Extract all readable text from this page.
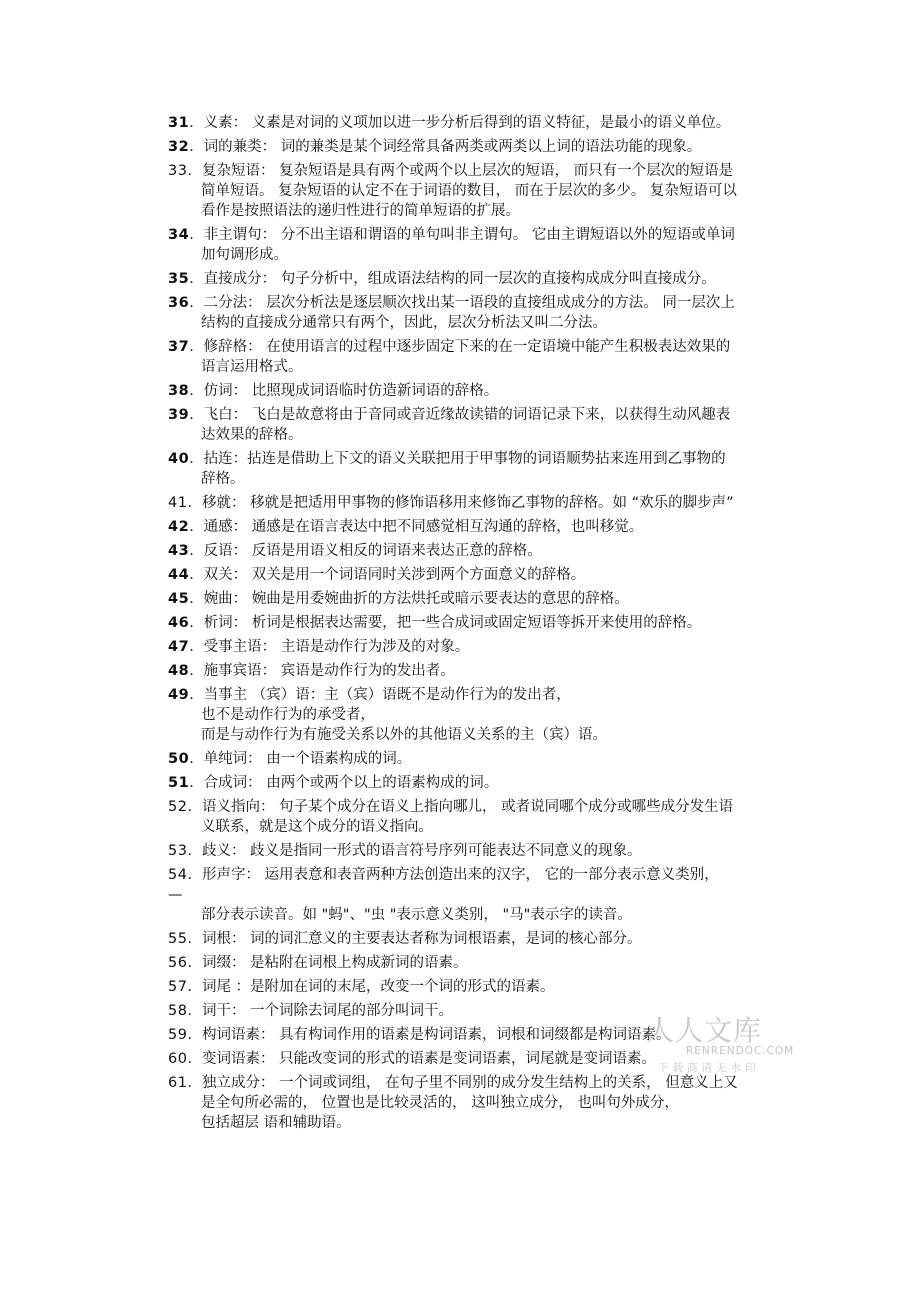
31．义素： 义素是对词的义项加以进一步分析后得到的语义特征，是最小的语义单位。
32．词的兼类： 词的兼类是某个词经常具备两类或两类以上词的语法功能的现象。
33．复杂短语： 复杂短语是具有两个或两个以上层次的短语， 而只有一个层次的短语是
简单短语。 复杂短语的认定不在于词语的数目， 而在于层次的多少。 复杂短语可以
看作是按照语法的递归性进行的简单短语的扩展。
34．非主谓句： 分不出主语和谓语的单句叫非主谓句。 它由主谓短语以外的短语或单词
加句调形成。
35．直接成分： 句子分析中，组成语法结构的同一层次的直接构成成分叫直接成分。
36．二分法： 层次分析法是逐层顺次找出某一语段的直接组成成分的方法。 同一层次上
结构的直接成分通常只有两个，因此，层次分析法又叫二分法。
37．修辞格： 在使用语言的过程中逐步固定下来的在一定语境中能产生积极表达效果的
语言运用格式。
38．仿词： 比照现成词语临时仿造新词语的辞格。
39．飞白： 飞白是故意将由于音同或音近缘故读错的词语记录下来，以获得生动风趣表
达效果的辞格。
40．拈连：拈连是借助上下文的语义关联把用于甲事物的词语顺势拈来连用到乙事物的
辞格。
41．移就： 移就是把适用甲事物的修饰语移用来修饰乙事物的辞格。如 “欢乐的脚步声”
42．通感： 通感是在语言表达中把不同感觉相互沟通的辞格，也叫移觉。
43．反语： 反语是用语义相反的词语来表达正意的辞格。
44．双关： 双关是用一个词语同时关涉到两个方面意义的辞格。
45．婉曲： 婉曲是用委婉曲折的方法烘托或暗示要表达的意思的辞格。
46．析词： 析词是根据表达需要，把一些合成词或固定短语等拆开来使用的辞格。
47．受事主语： 主语是动作行为涉及的对象。
48．施事宾语： 宾语是动作行为的发出者。
49．当事主 （宾）语：主（宾）语既不是动作行为的发出者，
也不是动作行为的承受者，
而是与动作行为有施受关系以外的其他语义关系的主（宾）语。
50．单纯词： 由一个语素构成的词。
51．合成词： 由两个或两个以上的语素构成的词。
52．语义指向： 句子某个成分在语义上指向哪儿， 或者说同哪个成分或哪些成分发生语
义联系，就是这个成分的语义指向。
53．歧义： 歧义是指同一形式的语言符号序列可能表达不同意义的现象。
54．形声字： 运用表意和表音两种方法创造出来的汉字， 它的一部分表示意义类别，
—
部分表示读音。如 "蚂"、"虫 "表示意义类别， "马"表示字的读音。
55．词根： 词的词汇意义的主要表达者称为词根语素，是词的核心部分。
56．词缀： 是粘附在词根上构成新词的语素。
57．词尾 ：是附加在词的末尾，改变一个词的形式的语素。
58．词干： 一个词除去词尾的部分叫词干。
59．构词语素： 具有构词作用的语素是构词语素，词根和词缀都是构词语素。
60．变词语素： 只能改变词的形式的语素是变词语素，词尾就是变词语素。
61．独立成分： 一个词或词组， 在句子里不同别的成分发生结构上的关系， 但意义上又
是全句所必需的， 位置也是比较灵活的， 这叫独立成分， 也叫句外成分，
包括超层 语和辅助语。
人人文库
RENRENDOC.COM
下载高清无水印
